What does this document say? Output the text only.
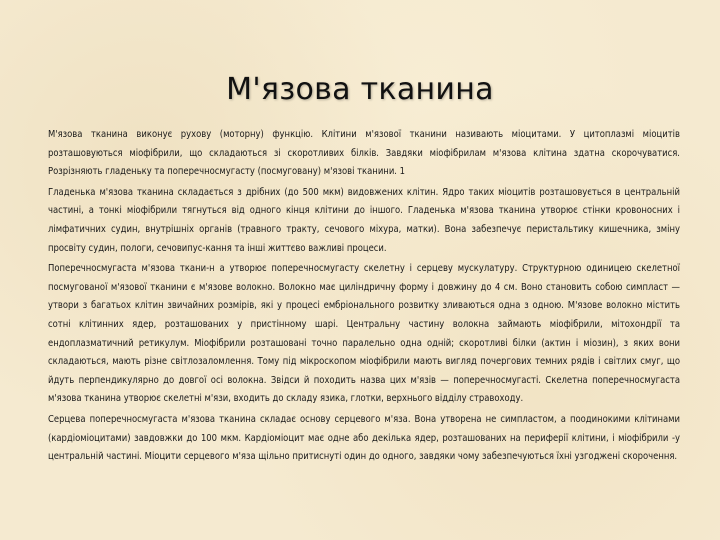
М'язова тканина

М'язова тканина виконує рухову (моторну) функцію. Клітини м'язової тканини називають міоцитами. У цитоплазмі міоцитів розташовуються міофібрили, що складаються зі скоротливих білків. Завдяки міофібрилам м'язова клітина здатна скорочуватися. Розрізняють гладеньку та поперечносмугасту (посмуговану) м'язові тканини. 1

Гладенька м'язова тканина складається з дрібних (до 500 мкм) видовжених клітин. Ядро таких міоцитів розташовується в центральній частині, а тонкі міофібрили тягнуться від одного кінця клітини до іншого. Гладенька м'язова тканина утворює стінки кровоносних і лімфатичних судин, внутрішніх органів (травного тракту, сечового міхура, матки). Вона забезпечує перистальтику кишечника, зміну просвіту судин, пологи, сечовипус-кання та інші життєво важливі процеси.

Поперечносмугаста м'язова ткани-н а утворює поперечносмугасту скелетну і серцеву мускулатуру. Структурною одиницею скелетної посмугованої м'язової тканини є м'язове волокно. Волокно має циліндричну форму і довжину до 4 см. Воно становить собою симпласт — утвори з багатьох клітин звичайних розмірів, які у процесі ембріонального розвитку зливаються одна з одною. М'язове волокно містить сотні клітинних ядер, розташованих у пристінному шарі. Центральну частину волокна займають міофібрили, мітохондрії та ендоплазматичний ретикулум. Міофібрили розташовані точно паралельно одна одній; скоротливі білки (актин і міозин), з яких вони складаються, мають різне світлозаломлення. Тому під мікроскопом міофібрили мають вигляд почергових темних рядів і світлих смуг, що йдуть перпендикулярно до довгої осі волокна. Звідси й походить назва цих м'язів — поперечносмугасті. Скелетна поперечносмугаста м'язова тканина утворює скелетні м'язи, входить до складу язика, глотки, верхнього відділу стравоходу.

Серцева поперечносмугаста м'язова тканина складає основу серцевого м'яза. Вона утворена не симпластом, а поодинокими клітинами (кардіоміоцитами) завдовжки до 100 мкм. Кардіоміоцит має одне або декілька ядер, розташованих на периферії клітини, і міофібрили -у центральній частині. Міоцити серцевого м'яза щільно притиснуті один до одного, завдяки чому забезпечуються їхні узгоджені скорочення.
